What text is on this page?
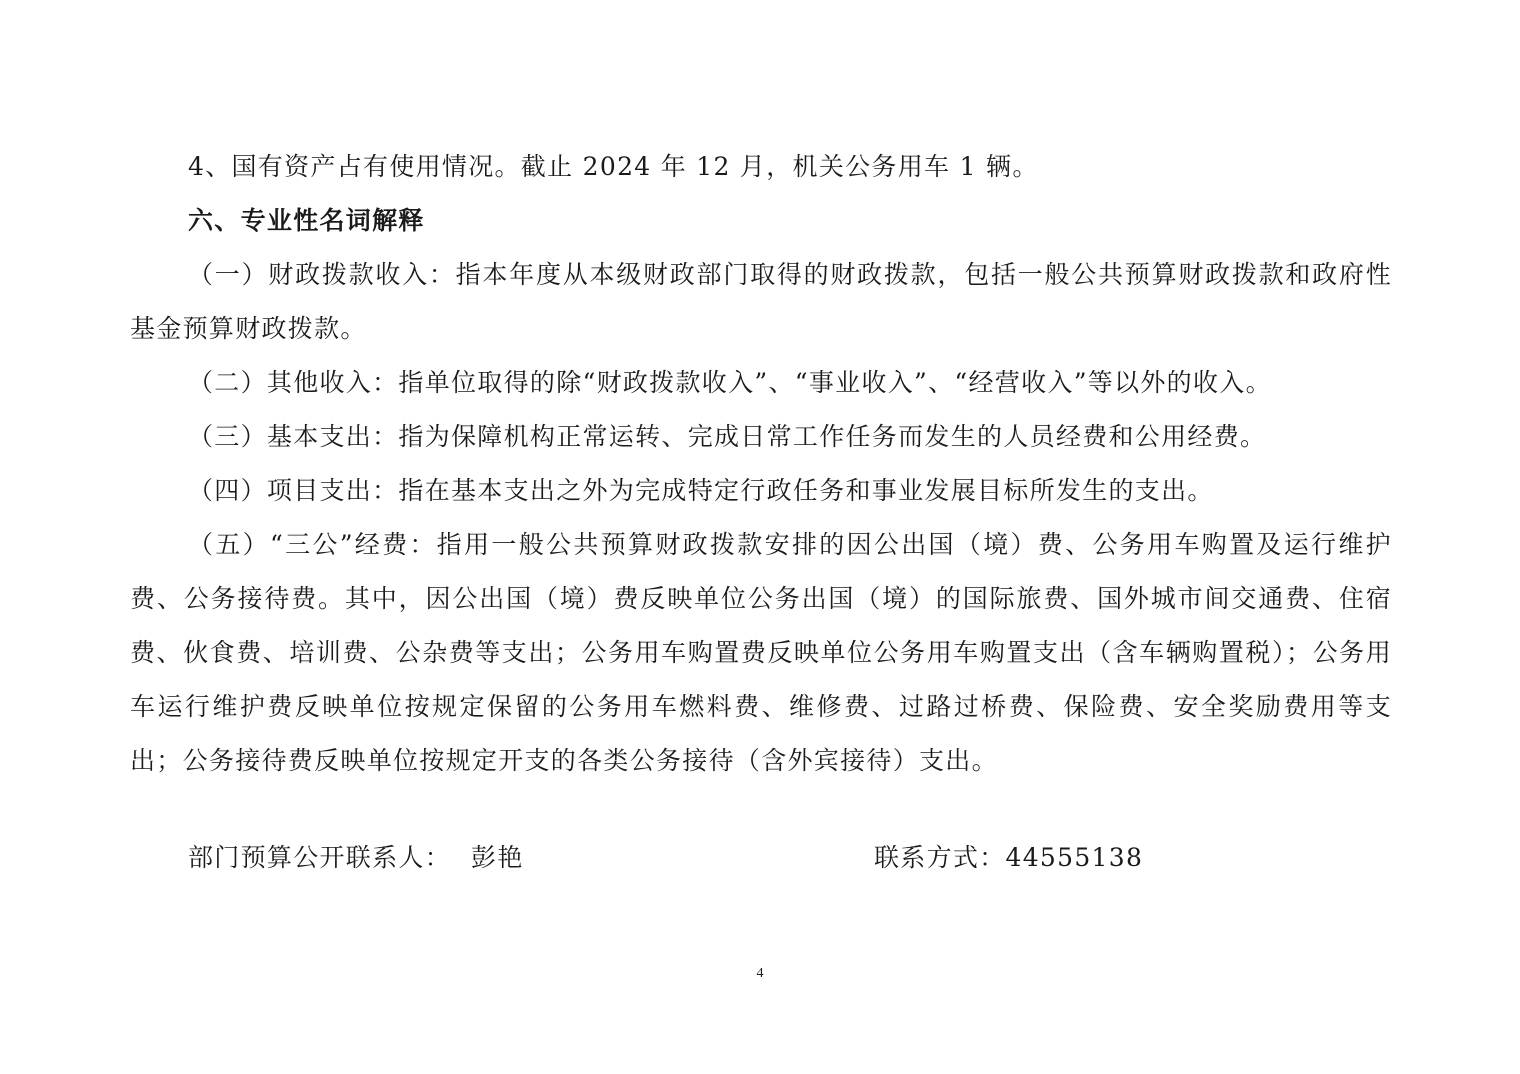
4、国有资产占有使用情况。截止 2024 年 12 月，机关公务用车 1 辆。

六、专业性名词解释

（一）财政拨款收入：指本年度从本级财政部门取得的财政拨款，包括一般公共预算财政拨款和政府性基金预算财政拨款。

（二）其他收入：指单位取得的除“财政拨款收入”、“事业收入”、“经营收入”等以外的收入。

（三）基本支出：指为保障机构正常运转、完成日常工作任务而发生的人员经费和公用经费。

（四）项目支出：指在基本支出之外为完成特定行政任务和事业发展目标所发生的支出。

（五）“三公”经费：指用一般公共预算财政拨款安排的因公出国（境）费、公务用车购置及运行维护费、公务接待费。其中，因公出国（境）费反映单位公务出国（境）的国际旅费、国外城市间交通费、住宿费、伙食费、培训费、公杂费等支出；公务用车购置费反映单位公务用车购置支出（含车辆购置税）；公务用车运行维护费反映单位按规定保留的公务用车燃料费、维修费、过路过桥费、保险费、安全奖励费用等支出；公务接待费反映单位按规定开支的各类公务接待（含外宾接待）支出。

部门预算公开联系人： 彭艳	联系方式：44555138
4
